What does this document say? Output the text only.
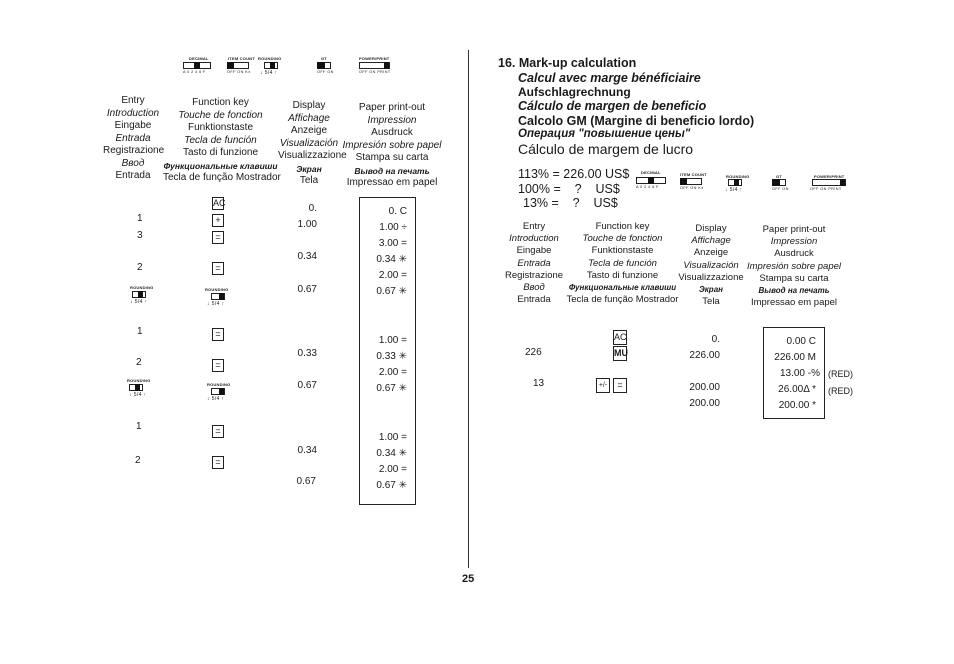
DECIMAL
A 0 2 4 6 F
ITEM COUNT
OFF ON K±
ROUNDING
↓ 5/4 ↑
GT
OFF ON
POWER/PRINT
OFF ON PRINT
Entry
Introduction
Eingabe
Entrada
Registrazione
Ввод
Entrada
Function key
Touche de fonction
Funktionstaste
Tecla de función
Tasto di funzione
Функциональные клавиши
Tecla de função Mostrador
Display
Affichage
Anzeige
Visualización
Visualizzazione
Экран
Tela
Paper print-out
Impression
Ausdruck
Impresión sobre papel
Stampa su carta
Вывод на печать
Impressao em papel
1
3
2
1
2
1
2
ROUNDING
↓ 5/4 ↑
ROUNDING
↓ 5/4 ↑
ROUNDING
↓ 5/4 ↑
ROUNDING
↓ 5/4 ↑
AC
+
=
=
=
=
=
=
0.
1.00
0.34
0.67
0.33
0.67
0.34
0.67
0. C
1.00 ÷
3.00 =
0.34 ✳
2.00 =
0.67 ✳
1.00 =
0.33 ✳
2.00 =
0.67 ✳
1.00 =
0.34 ✳
2.00 =
0.67 ✳
25
16. Mark-up calculation
Calcul avec marge bénéficiaire
Aufschlagrechnung
Cálculo de margen de beneficio
Calcolo GM (Margine di beneficio lordo)
Операция "повышение цены"
Cálculo de margem de lucro
113% = 226.00 US$
100% =    ?    US$
13% =    ?    US$
DECIMAL
A 0 2 4 6 F
ITEM COUNT
OFF ON K±
ROUNDING
↓ 5/4 ↑
GT
OFF ON
POWER/PRINT
OFF ON PRINT
Entry
Introduction
Eingabe
Entrada
Registrazione
Ввод
Entrada
Function key
Touche de fonction
Funktionstaste
Tecla de función
Tasto di funzione
Функциональные клавиши
Tecla de função Mostrador
Display
Affichage
Anzeige
Visualización
Visualizzazione
Экран
Tela
Paper print-out
Impression
Ausdruck
Impresión sobre papel
Stampa su carta
Вывод на печать
Impressao em papel
226
13
AC
MU
+/-	=
0.
226.00
200.00
200.00
0.00 C
226.00 M
13.00 -%
26.00Δ *
200.00 *
(RED)
(RED)
